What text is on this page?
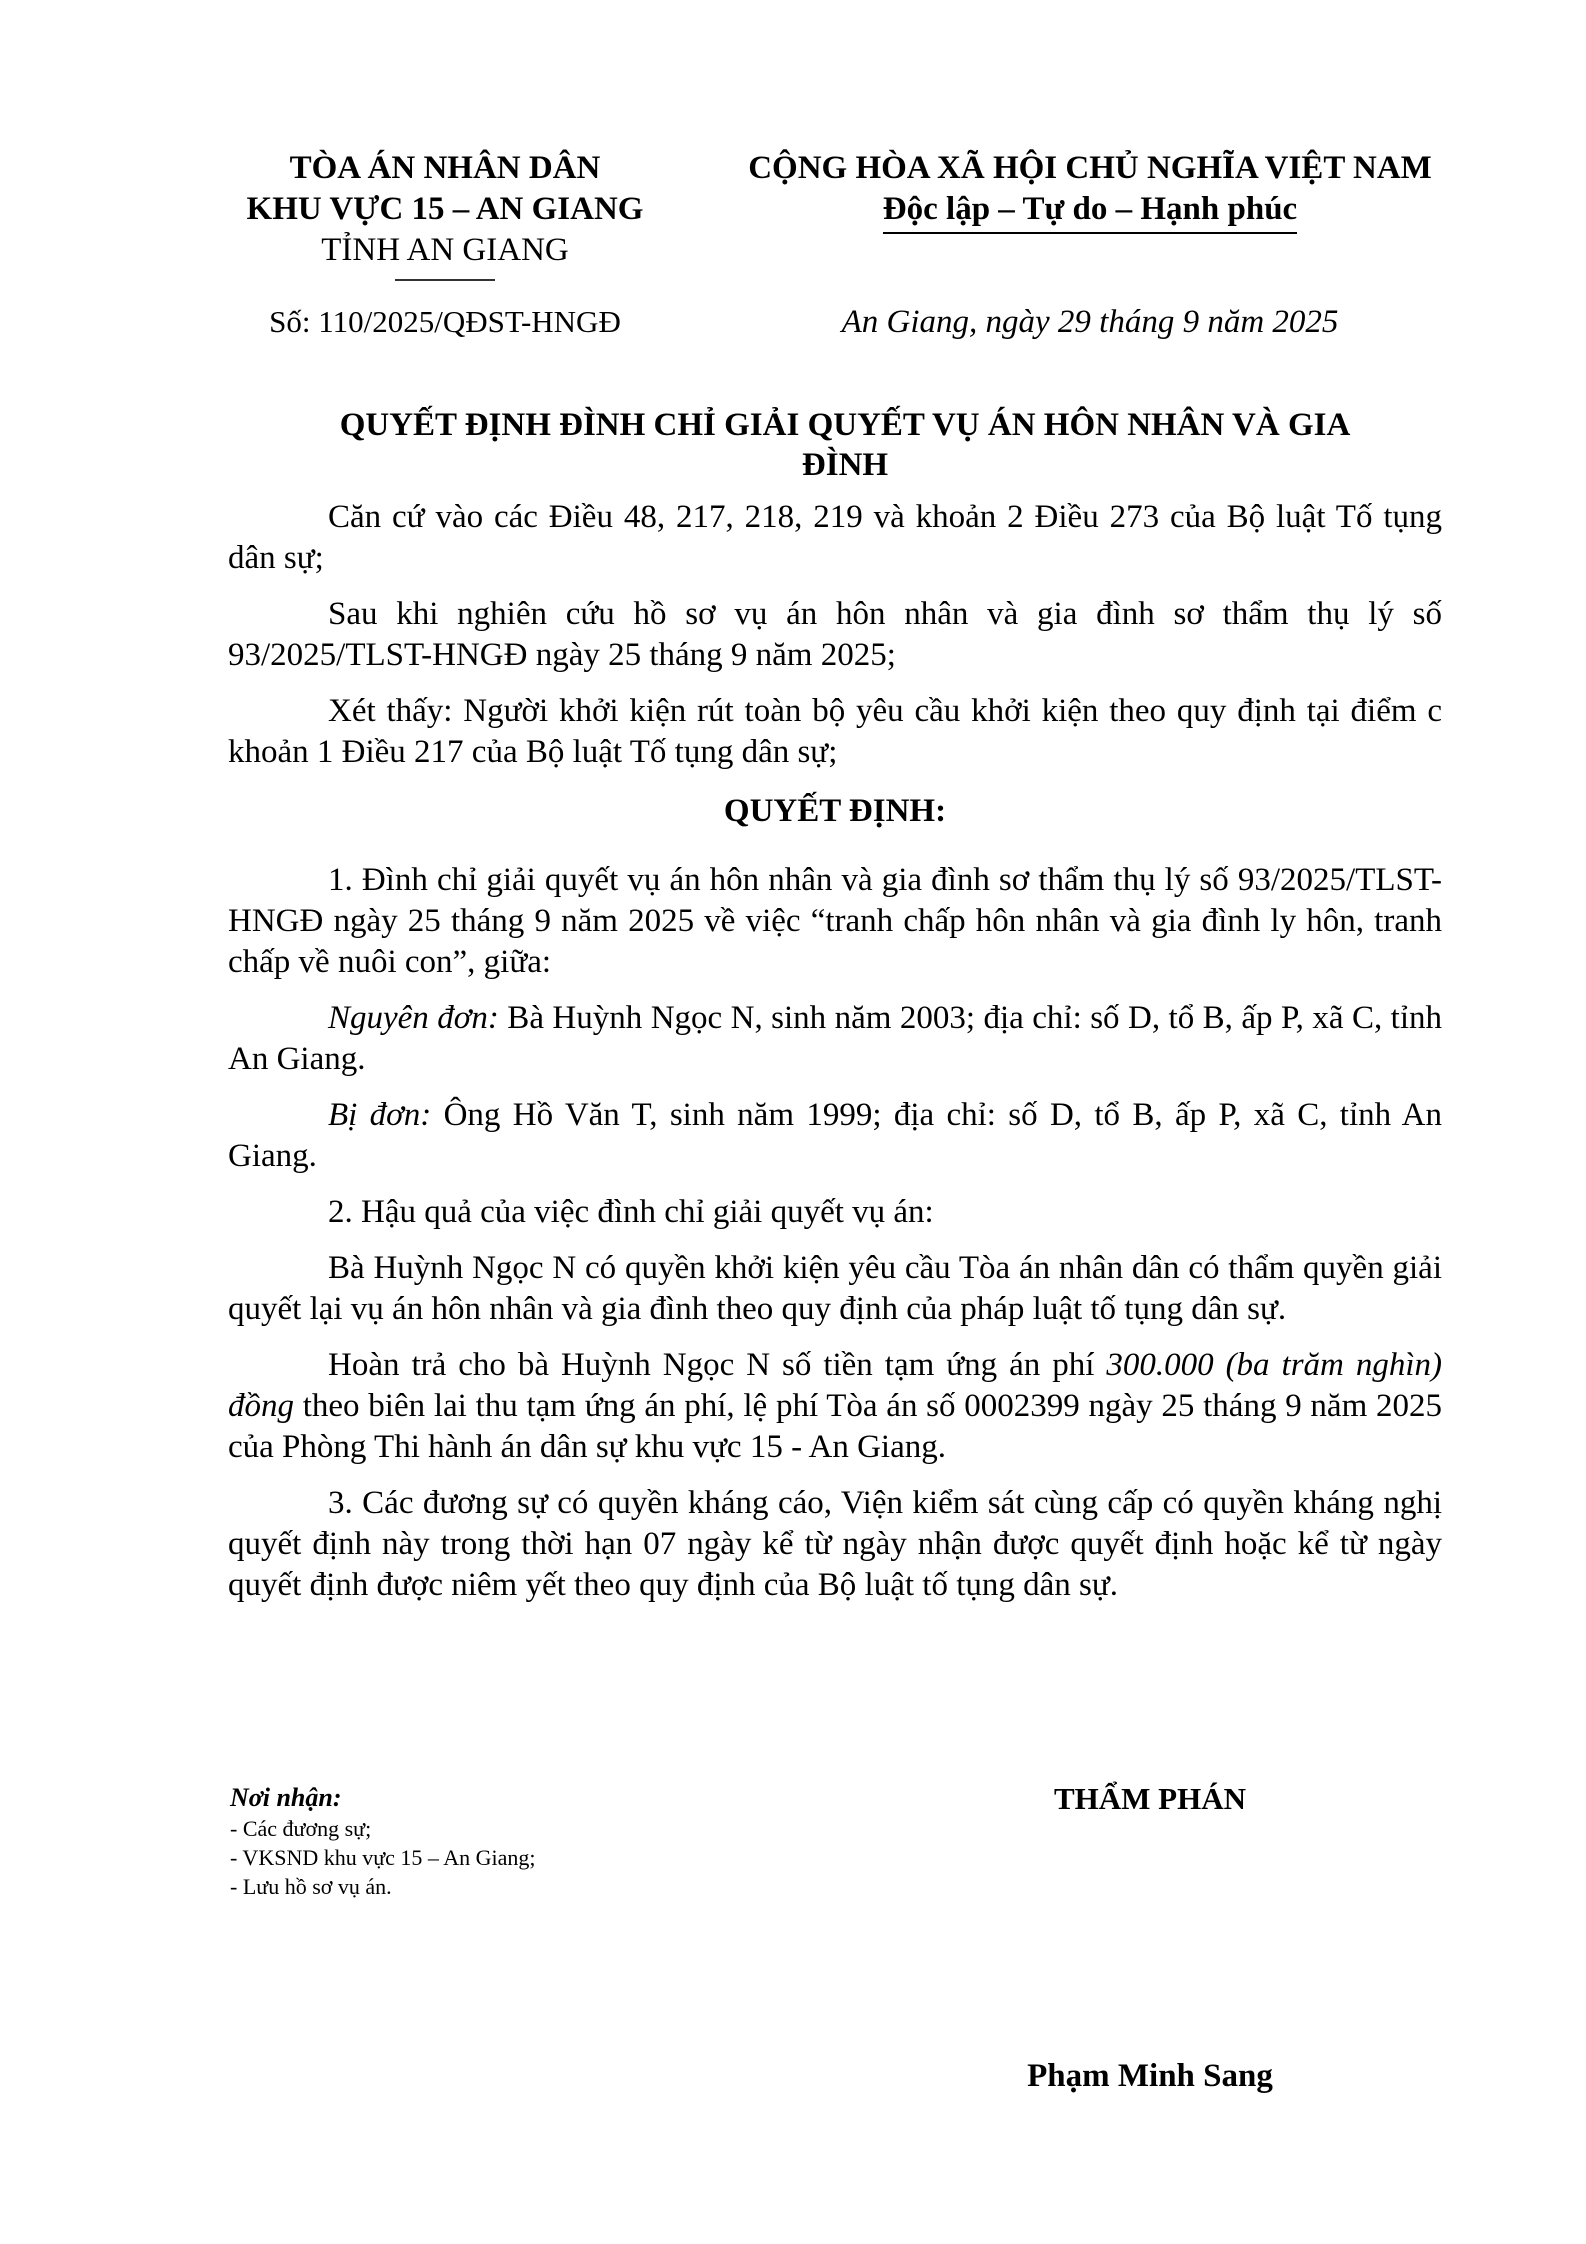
TÒA ÁN NHÂN DÂN
KHU VỰC 15 – AN GIANG
TỈNH AN GIANG
CỘNG HÒA XÃ HỘI CHỦ NGHĨA VIỆT NAM
Độc lập – Tự do – Hạnh phúc
Số: 110/2025/QĐST-HNGĐ	An Giang, ngày 29 tháng 9 năm 2025
QUYẾT ĐỊNH ĐÌNH CHỈ GIẢI QUYẾT VỤ ÁN HÔN NHÂN VÀ GIA
ĐÌNH

Căn cứ vào các Điều 48, 217, 218, 219 và khoản 2 Điều 273 của Bộ luật Tố tụng dân sự;

Sau khi nghiên cứu hồ sơ vụ án hôn nhân và gia đình sơ thẩm thụ lý số 93/2025/TLST-HNGĐ ngày 25 tháng 9 năm 2025;

Xét thấy: Người khởi kiện rút toàn bộ yêu cầu khởi kiện theo quy định tại điểm c khoản 1 Điều 217 của Bộ luật Tố tụng dân sự;

QUYẾT ĐỊNH:

1. Đình chỉ giải quyết vụ án hôn nhân và gia đình sơ thẩm thụ lý số 93/2025/TLST-HNGĐ ngày 25 tháng 9 năm 2025 về việc “tranh chấp hôn nhân và gia đình ly hôn, tranh chấp về nuôi con”, giữa:

Nguyên đơn: Bà Huỳnh Ngọc N, sinh năm 2003; địa chỉ: số D, tổ B, ấp P, xã C, tỉnh An Giang.

Bị đơn: Ông Hồ Văn T, sinh năm 1999; địa chỉ: số D, tổ B, ấp P, xã C, tỉnh An Giang.

2. Hậu quả của việc đình chỉ giải quyết vụ án:

Bà Huỳnh Ngọc N có quyền khởi kiện yêu cầu Tòa án nhân dân có thẩm quyền giải quyết lại vụ án hôn nhân và gia đình theo quy định của pháp luật tố tụng dân sự.

Hoàn trả cho bà Huỳnh Ngọc N số tiền tạm ứng án phí 300.000 (ba trăm nghìn) đồng theo biên lai thu tạm ứng án phí, lệ phí Tòa án số 0002399 ngày 25 tháng 9 năm 2025 của Phòng Thi hành án dân sự khu vực 15 - An Giang.

3. Các đương sự có quyền kháng cáo, Viện kiểm sát cùng cấp có quyền kháng nghị quyết định này trong thời hạn 07 ngày kể từ ngày nhận được quyết định hoặc kể từ ngày quyết định được niêm yết theo quy định của Bộ luật tố tụng dân sự.

Nơi nhận:
- Các đương sự;
- VKSND khu vực 15 – An Giang;
- Lưu hồ sơ vụ án.
THẨM PHÁN
Phạm Minh Sang
